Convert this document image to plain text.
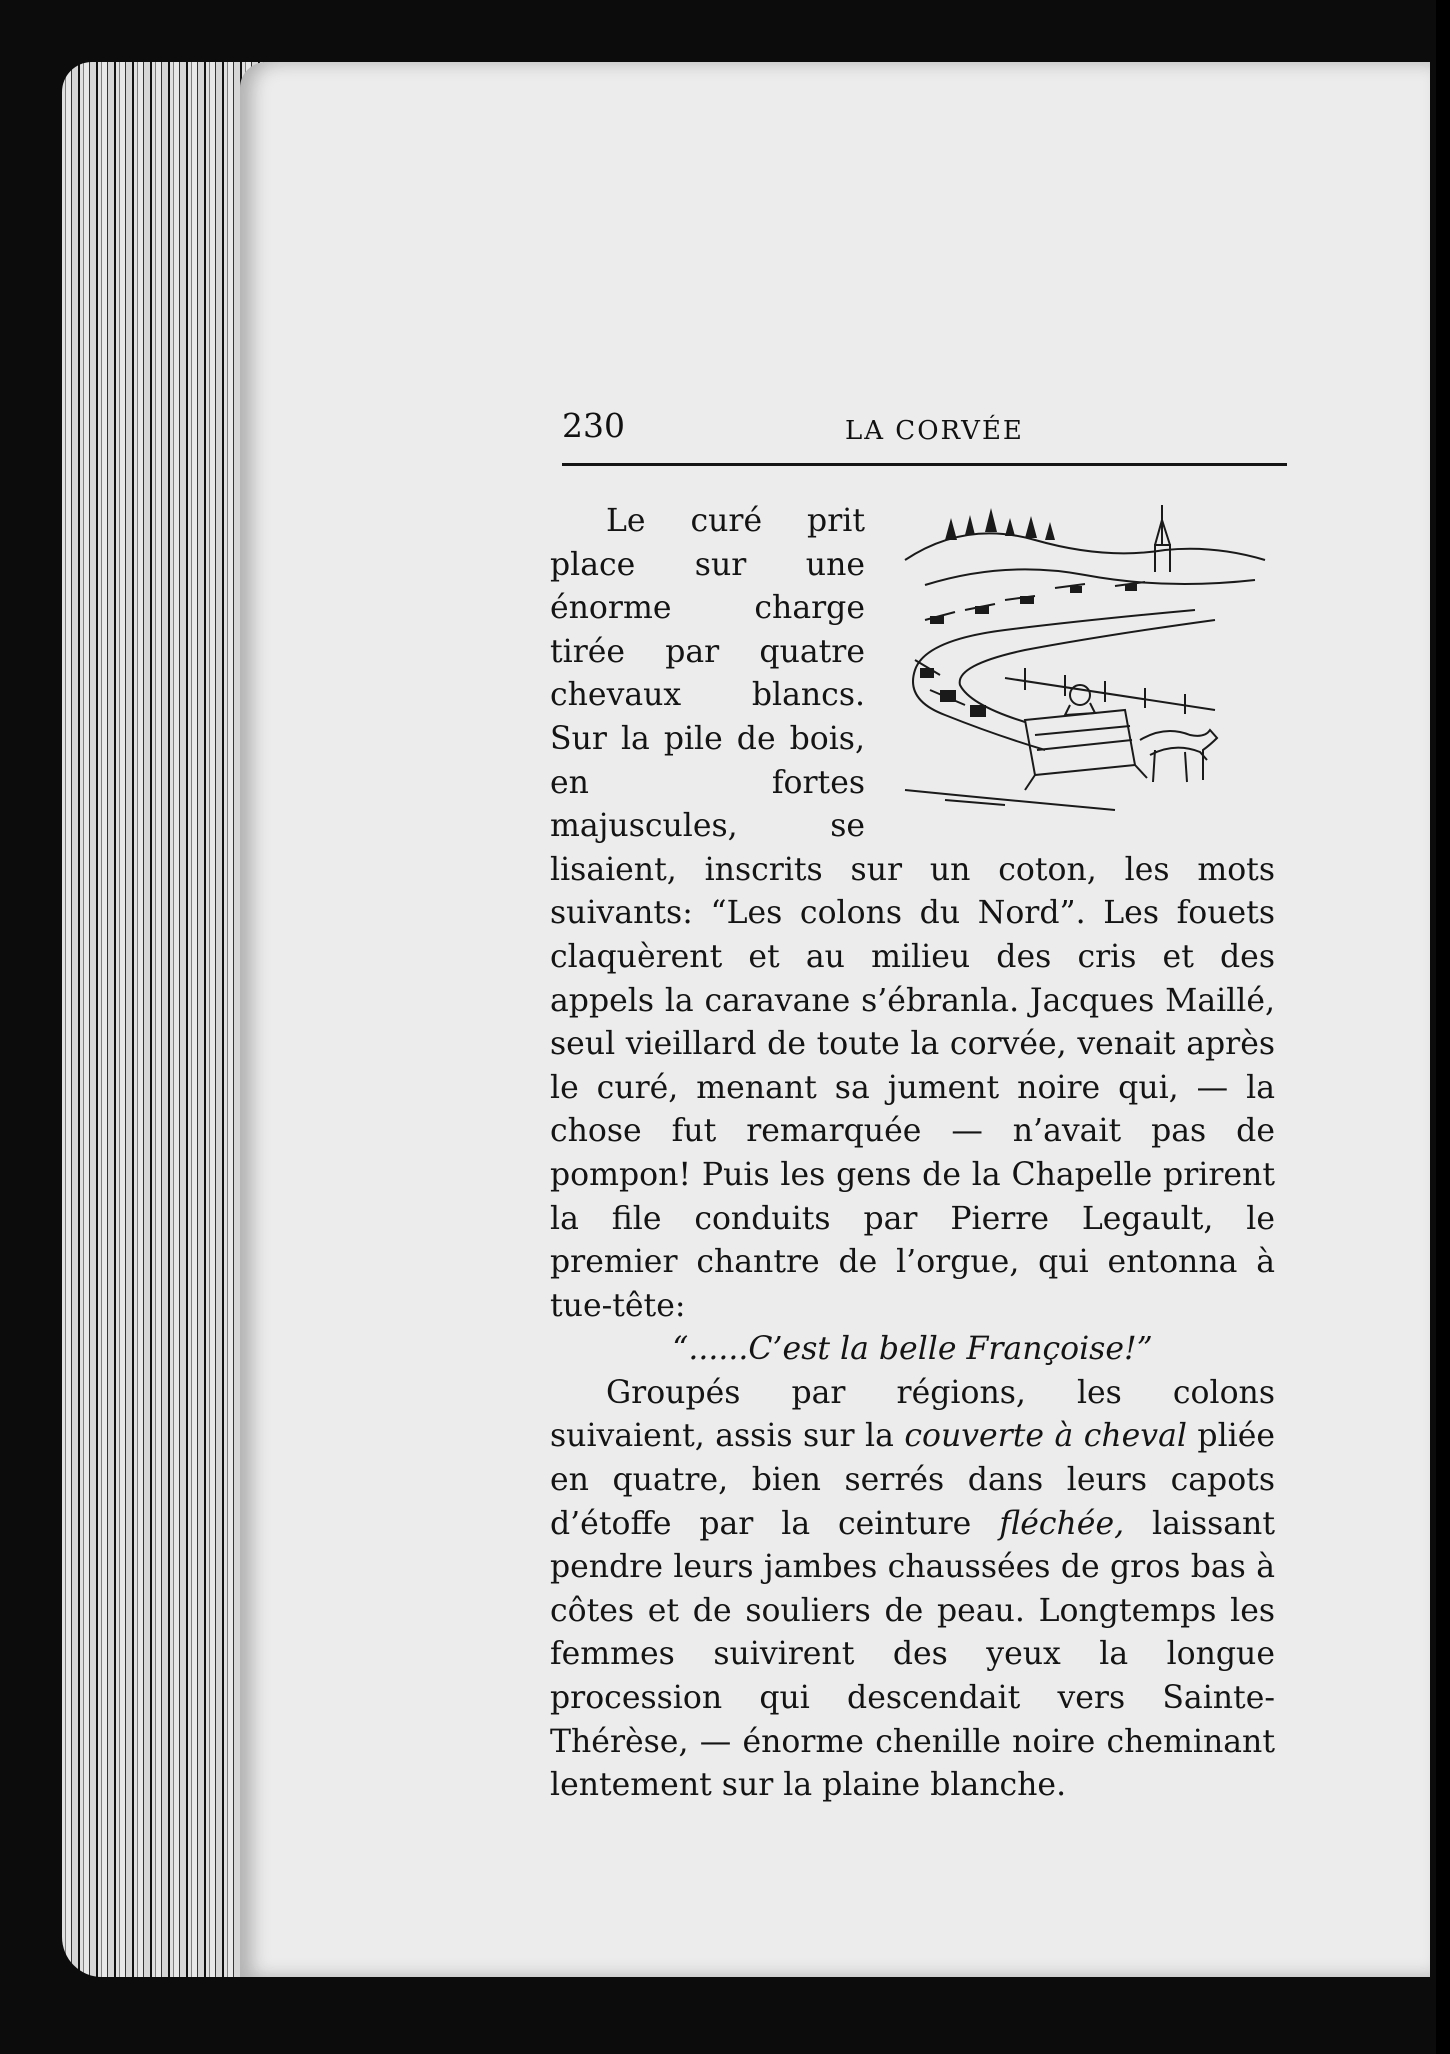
230	LA CORVÉE

Le curé prit place sur une énorme charge tirée par quatre chevaux blancs. Sur la pile de bois, en fortes majuscules, se lisaient, inscrits sur un coton, les mots suivants: “Les colons du Nord”. Les fouets claquèrent et au milieu des cris et des appels la caravane s’ébranla. Jacques Maillé, seul vieillard de toute la corvée, venait après le curé, menant sa jument noire qui, — la chose fut remarquée — n’avait pas de pompon! Puis les gens de la Chapelle prirent la file conduits par Pierre Legault, le premier chantre de l’orgue, qui entonna à tue-tête:

“......C’est la belle Françoise!”

Groupés par régions, les colons suivaient, assis sur la couverte à cheval pliée en quatre, bien serrés dans leurs capots d’étoffe par la ceinture fléchée, laissant pendre leurs jambes chaussées de gros bas à côtes et de souliers de peau. Longtemps les femmes suivirent des yeux la longue procession qui descendait vers Sainte-Thérèse, — énorme chenille noire cheminant lentement sur la plaine blanche.
